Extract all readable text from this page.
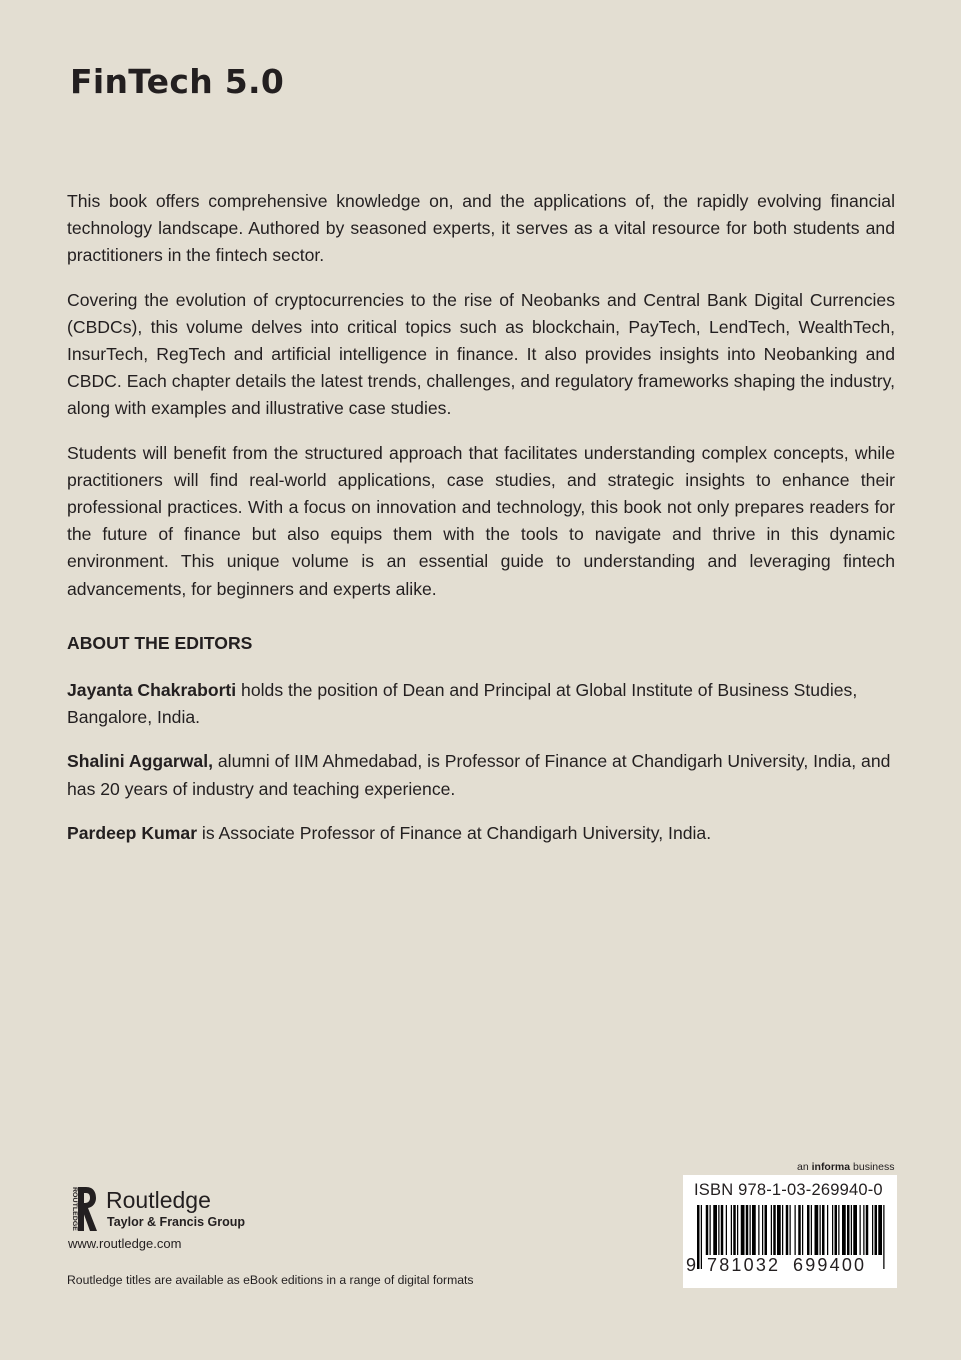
FinTech 5.0

This book offers comprehensive knowledge on, and the applications of, the rapidly evolving financial technology landscape. Authored by seasoned experts, it serves as a vital resource for both students and practitioners in the fintech sector.

Covering the evolution of cryptocurrencies to the rise of Neobanks and Central Bank Digital Currencies (CBDCs), this volume delves into critical topics such as blockchain, PayTech, LendTech, WealthTech, InsurTech, RegTech and artificial intelligence in finance. It also provides insights into Neobanking and CBDC. Each chapter details the latest trends, challenges, and regulatory frameworks shaping the industry, along with examples and illustrative case studies.

Students will benefit from the structured approach that facilitates understanding complex concepts, while practitioners will find real-world applications, case studies, and strategic insights to enhance their professional practices. With a focus on innovation and technology, this book not only prepares readers for the future of finance but also equips them with the tools to navigate and thrive in this dynamic environment. This unique volume is an essential guide to understanding and leveraging fintech advancements, for beginners and experts alike.

ABOUT THE EDITORS

Jayanta Chakraborti holds the position of Dean and Principal at Global Institute of Business Studies, Bangalore, India.

Shalini Aggarwal, alumni of IIM Ahmedabad, is Professor of Finance at Chandigarh University, India, and has 20 years of industry and teaching experience.

Pardeep Kumar is Associate Professor of Finance at Chandigarh University, India.

ROUTLEDGE Routledge
Taylor & Francis Group
www.routledge.com
Routledge titles are available as eBook editions in a range of digital formats
an informa business
ISBN 978-1-03-269940-0
9 781032 699400
